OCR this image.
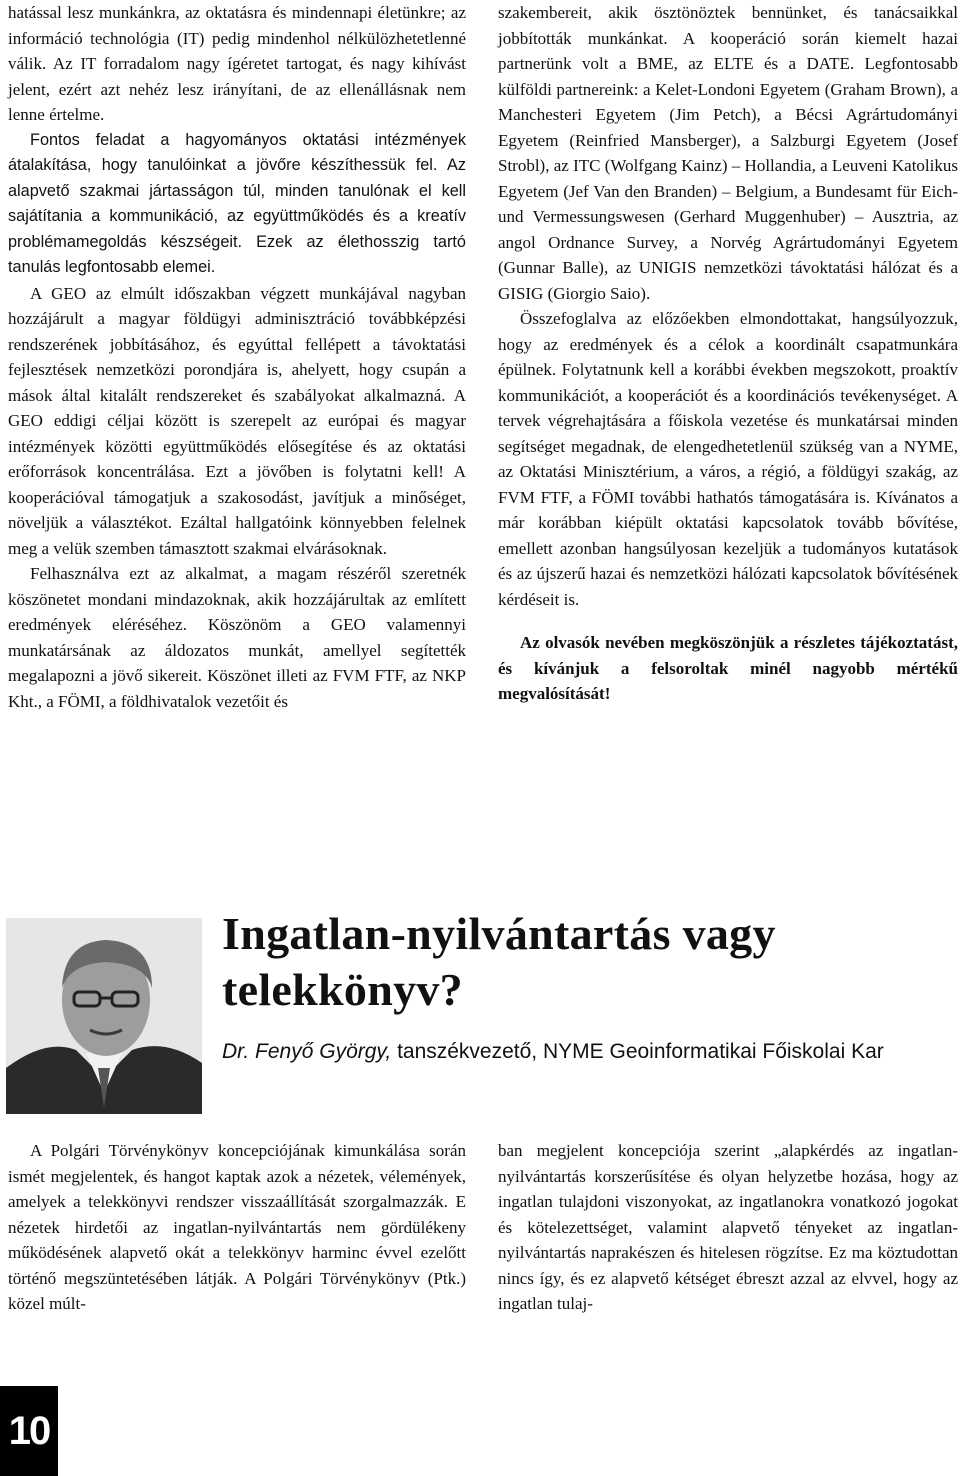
hatással lesz munkánkra, az oktatásra és mindennapi életünkre; az információ technológia (IT) pedig mindenhol nélkülözhetetlenné válik. Az IT forradalom nagy ígéretet tartogat, és nagy kihívást jelent, ezért azt nehéz lesz irányítani, de az ellenállásnak nem lenne értelme.

Fontos feladat a hagyományos oktatási intézmények átalakítása, hogy tanulóinkat a jövőre készíthessük fel. Az alapvető szakmai jártasságon túl, minden tanulónak el kell sajátítania a kommunikáció, az együttműködés és a kreatív problémamegoldás készségeit. Ezek az élethosszig tartó tanulás legfontosabb elemei.

A GEO az elmúlt időszakban végzett munkájával nagyban hozzájárult a magyar földügyi adminisztráció továbbképzési rendszerének jobbításához, és egyúttal fellépett a távoktatási fejlesztések nemzetközi porondjára is, ahelyett, hogy csupán a mások által kitalált rendszereket és szabályokat alkalmazná. A GEO eddigi céljai között is szerepelt az európai és magyar intézmények közötti együttműködés elősegítése és az oktatási erőforrások koncentrálása. Ezt a jövőben is folytatni kell! A kooperációval támogatjuk a szakosodást, javítjuk a minőséget, növeljük a választékot. Ezáltal hallgatóink könnyebben felelnek meg a velük szemben támasztott szakmai elvárásoknak.

Felhasználva ezt az alkalmat, a magam részéről szeretnék köszönetet mondani mindazoknak, akik hozzájárultak az említett eredmények eléréséhez. Köszönöm a GEO valamennyi munkatársának az áldozatos munkát, amellyel segítették megalapozni a jövő sikereit. Köszönet illeti az FVM FTF, az NKP Kht., a FÖMI, a földhivatalok vezetőit és

szakembereit, akik ösztönöztek bennünket, és tanácsaikkal jobbították munkánkat. A kooperáció során kiemelt hazai partnerünk volt a BME, az ELTE és a DATE. Legfontosabb külföldi partnereink: a Kelet-Londoni Egyetem (Graham Brown), a Manchesteri Egyetem (Jim Petch), a Bécsi Agrártudományi Egyetem (Reinfried Mansberger), a Salzburgi Egyetem (Josef Strobl), az ITC (Wolfgang Kainz) – Hollandia, a Leuveni Katolikus Egyetem (Jef Van den Branden) – Belgium, a Bundesamt für Eich- und Vermessungswesen (Gerhard Muggenhuber) – Ausztria, az angol Ordnance Survey, a Norvég Agrártudományi Egyetem (Gunnar Balle), az UNIGIS nemzetközi távoktatási hálózat és a GISIG (Giorgio Saio).

Összefoglalva az előzőekben elmondottakat, hangsúlyozzuk, hogy az eredmények és a célok a koordinált csapatmunkára épülnek. Folytatnunk kell a korábbi években megszokott, proaktív kommunikációt, a kooperációt és a koordinációs tevékenységet. A tervek végrehajtására a főiskola vezetése és munkatársai minden segítséget megadnak, de elengedhetetlenül szükség van a NYME, az Oktatási Minisztérium, a város, a régió, a földügyi szakág, az FVM FTF, a FÖMI további hathatós támogatására is. Kívánatos a már korábban kiépült oktatási kapcsolatok tovább bővítése, emellett azonban hangsúlyosan kezeljük a tudományos kutatások és az újszerű hazai és nemzetközi hálózati kapcsolatok bővítésének kérdéseit is.

Az olvasók nevében megköszönjük a részletes tájékoztatást, és kívánjuk a felsoroltak minél nagyobb mértékű megvalósítását!

Ingatlan-nyilvántartás vagy telekkönyv?
Dr. Fenyő György, tanszékvezető, NYME Geoinformatikai Főiskolai Kar

A Polgári Törvénykönyv koncepciójának kimunkálása során ismét megjelentek, és hangot kaptak azok a nézetek, vélemények, amelyek a telekkönyvi rendszer visszaállítását szorgalmazzák. E nézetek hirdetői az ingatlan-nyilvántartás nem gördülékeny működésének alapvető okát a telekkönyv harminc évvel ezelőtt történő megszüntetésében látják. A Polgári Törvénykönyv (Ptk.) közel múlt-

ban megjelent koncepciója szerint „alapkérdés az ingatlan-nyilvántartás korszerűsítése és olyan helyzetbe hozása, hogy az ingatlan tulajdoni viszonyokat, az ingatlanokra vonatkozó jogokat és kötelezettséget, valamint alapvető tényeket az ingatlan-nyilvántartás naprakészen és hitelesen rögzítse. Ez ma köztudottan nincs így, és ez alapvető kétséget ébreszt azzal az elvvel, hogy az ingatlan tulaj-

10
